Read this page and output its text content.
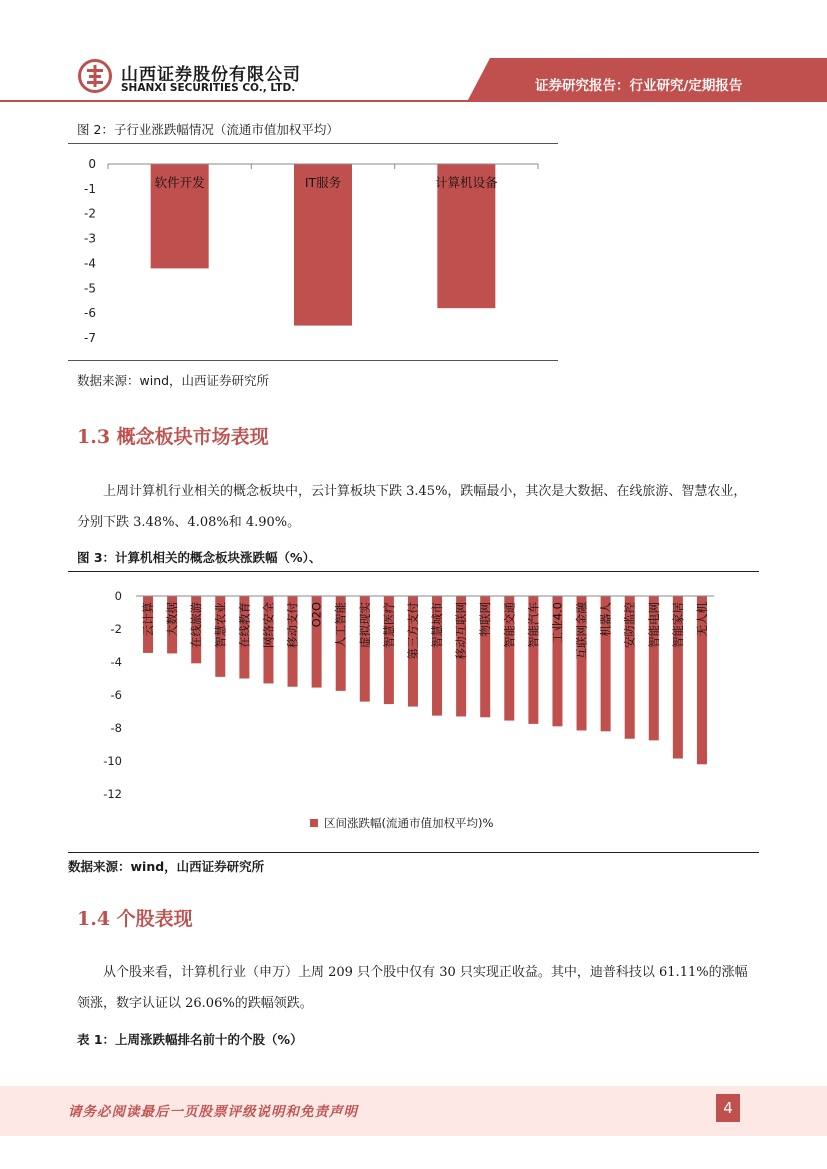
山西证券股份有限公司
SHANXI SECURITIES CO., LTD.	证券研究报告：行业研究/定期报告
图 2：子行业涨跌幅情况（流通市值加权平均）
0
-1
-2
-3
-4
-5
-6
-7
软件开发	IT服务	计算机设备
数据来源：wind，山西证券研究所
1.3 概念板块市场表现
上周计算机行业相关的概念板块中，云计算板块下跌 3.45%，跌幅最小，其次是大数据、在线旅游、智慧农业，分别下跌 3.48%、4.08%和 4.90%。
图 3：计算机相关的概念板块涨跌幅（%）、
0
-2
-4
-6
-8
-10
-12
云计算 大数据 在线旅游 智慧农业 在线教育 网络安全 移动支付 O2O 人工智能 虚拟现实 智慧医疗 第三方支付 智慧城市 移动互联网 物联网 智能交通 智能汽车 工业4.0 互联网金融 机器人 安防监控 智能电网 智能家居 无人机
区间涨跌幅(流通市值加权平均)%
数据来源：wind，山西证券研究所
1.4 个股表现
从个股来看，计算机行业（申万）上周 209 只个股中仅有 30 只实现正收益。其中，迪普科技以 61.11%的涨幅领涨，数字认证以 26.06%的跌幅领跌。
表 1：上周涨跌幅排名前十的个股（%）
请务必阅读最后一页股票评级说明和免责声明	4
